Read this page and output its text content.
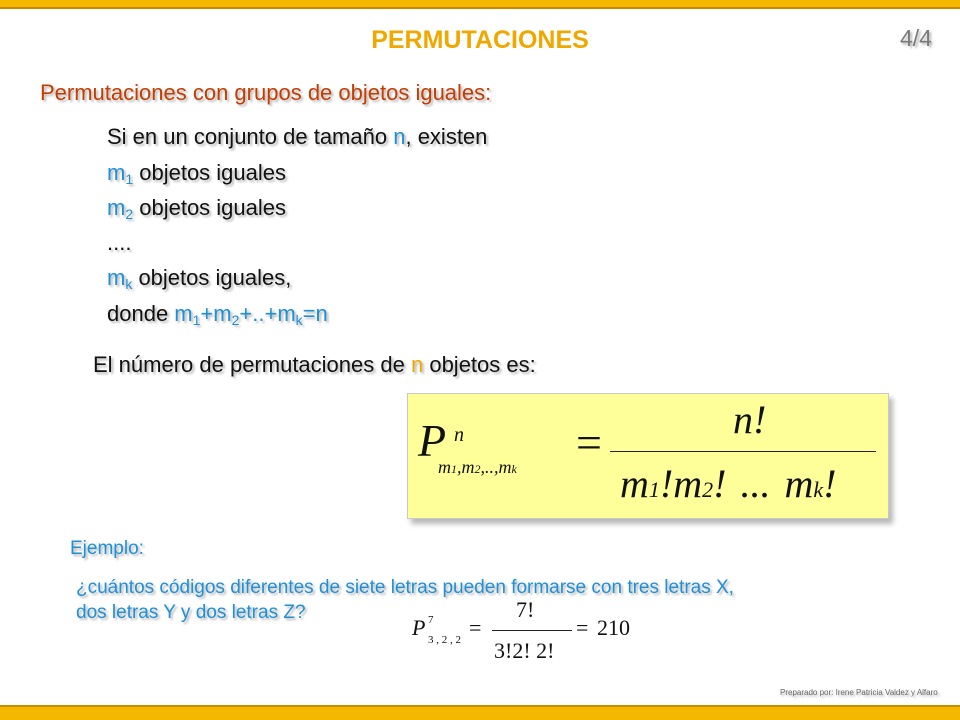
PERMUTACIONES	4/4
Permutaciones con grupos de objetos iguales:
Si en un conjunto de tamaño n, existen
$m_1$ objetos iguales
$m_2$ objetos iguales
....
$m_k$ objetos iguales,
donde $m_1+m_2+..+m_k=n$
El número de permutaciones de n objetos es:
P n
m1,m2,..,mk
=	n!
m1!m2! ... mk!
Ejemplo:
¿cuántos códigos diferentes de siete letras pueden formarse con tres letras X,
dos letras Y y dos letras Z?
P 7
3 , 2 , 2 =
7!
3!2! 2!
= 210
Preparado por: Irene Patricia Valdez y Alfaro
